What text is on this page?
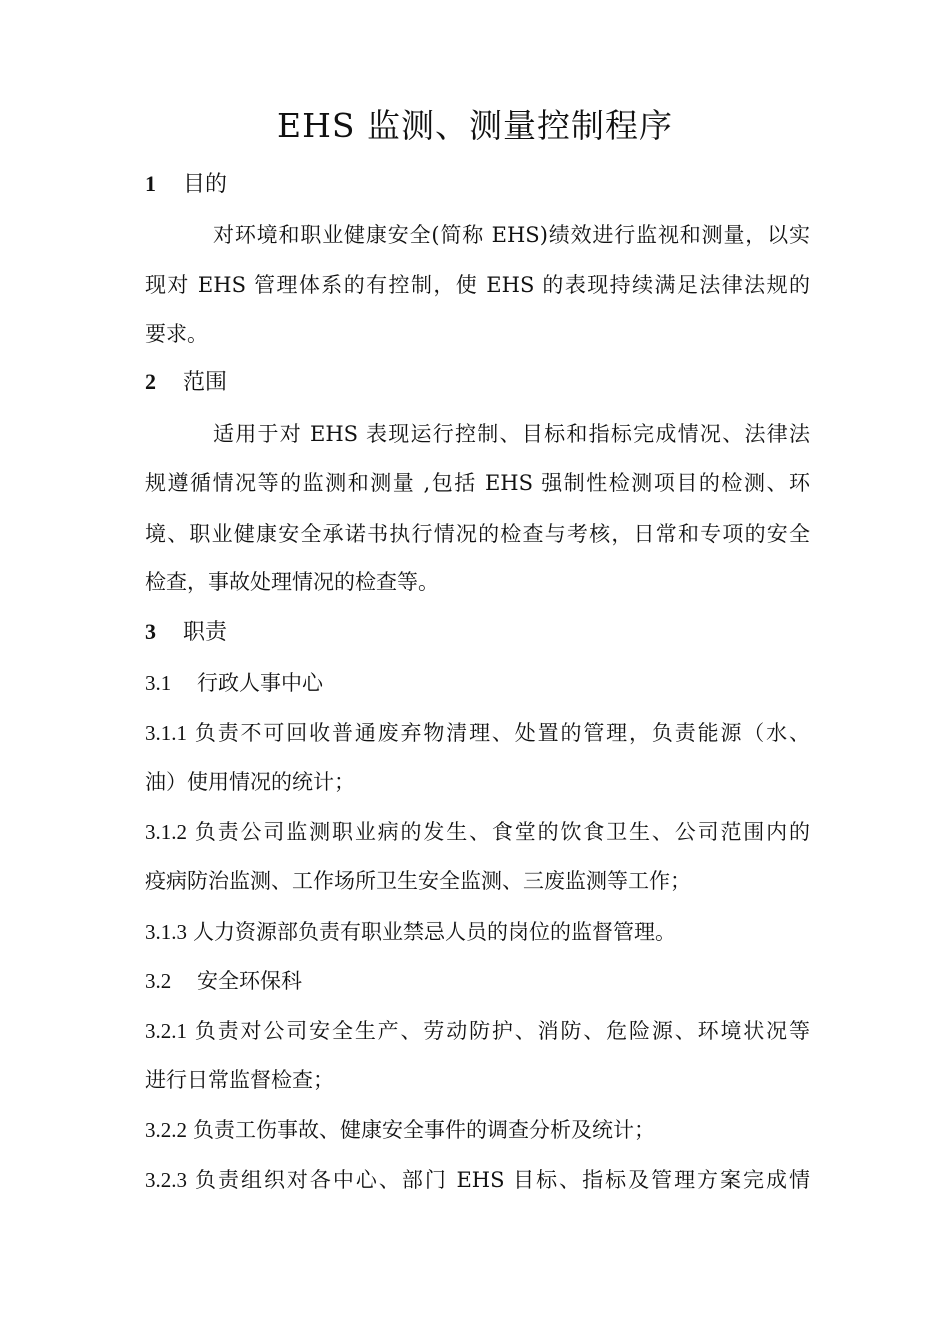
EHS 监测、测量控制程序
1 目的
对环境和职业健康安全(简称 EHS)绩效进行监视和测量，以实
现对 EHS 管理体系的有控制，使 EHS 的表现持续满足法律法规的
要求。
2 范围
适用于对 EHS 表现运行控制、目标和指标完成情况、法律法
规遵循情况等的监测和测量 ,包括 EHS 强制性检测项目的检测、环
境、职业健康安全承诺书执行情况的检查与考核，日常和专项的安全
检查，事故处理情况的检查等。
3 职责
3.1 行政人事中心
3.1.1 负责不可回收普通废弃物清理、处置的管理，负责能源（水、
油）使用情况的统计；
3.1.2 负责公司监测职业病的发生、食堂的饮食卫生、公司范围内的
疫病防治监测、工作场所卫生安全监测、三废监测等工作；
3.1.3 人力资源部负责有职业禁忌人员的岗位的监督管理。
3.2 安全环保科
3.2.1 负责对公司安全生产、劳动防护、消防、危险源、环境状况等
进行日常监督检查；
3.2.2 负责工伤事故、健康安全事件的调查分析及统计；
3.2.3 负责组织对各中心、部门 EHS 目标、指标及管理方案完成情
